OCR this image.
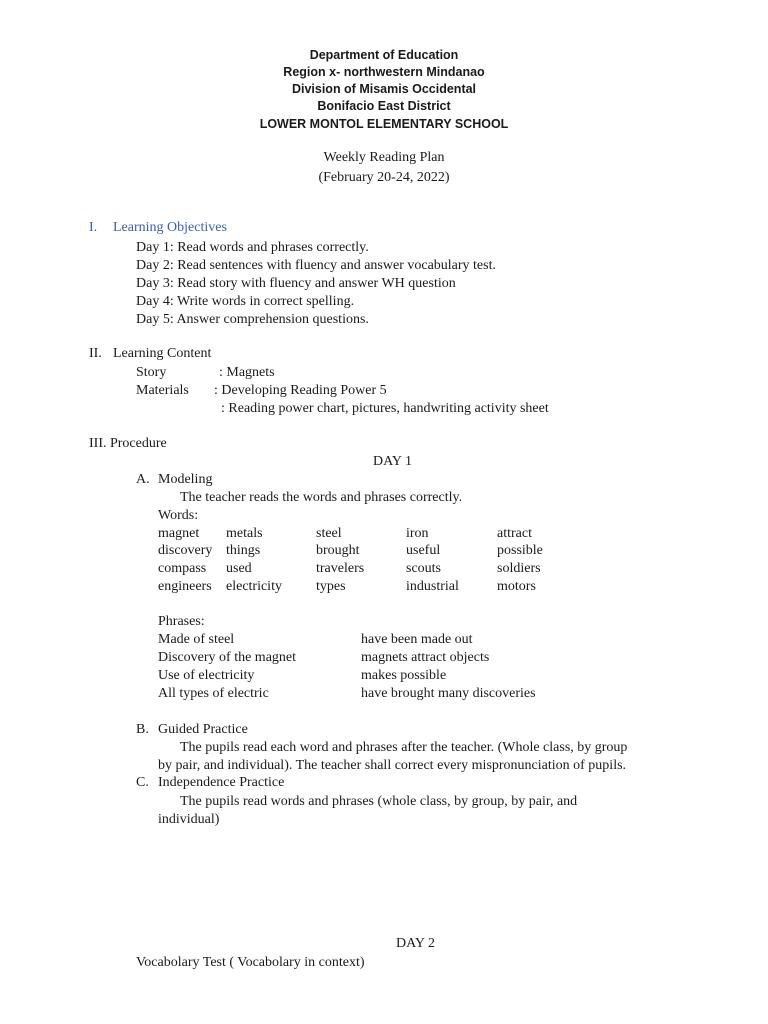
Department of Education
Region x- northwestern Mindanao
Division of Misamis Occidental
Bonifacio East District
LOWER MONTOL ELEMENTARY SCHOOL
Weekly Reading Plan
(February 20-24, 2022)
I. Learning Objectives
Day 1: Read words and phrases correctly.
Day 2: Read sentences with fluency and answer vocabulary test.
Day 3: Read story with fluency and answer WH question
Day 4: Write words in correct spelling.
Day 5: Answer comprehension questions.
II. Learning Content
Story	: Magnets
Materials : Developing Reading Power 5
: Reading power chart, pictures, handwriting activity sheet
III. Procedure
DAY 1
A. Modeling
The teacher reads the words and phrases correctly.
Words:
magnet metals	steel	iron	attract
discovery things	brought	useful	possible
compass used	travelers	scouts	soldiers
engineers electricity types	industrial	motors
Phrases:
Made of steel	have been made out
Discovery of the magnet	magnets attract objects
Use of electricity	makes possible
All types of electric	have brought many discoveries
B. Guided Practice
The pupils read each word and phrases after the teacher. (Whole class, by group
by pair, and individual). The teacher shall correct every mispronunciation of pupils.
C. Independence Practice
The pupils read words and phrases (whole class, by group, by pair, and
individual)
DAY 2
Vocabolary Test ( Vocabolary in context)
